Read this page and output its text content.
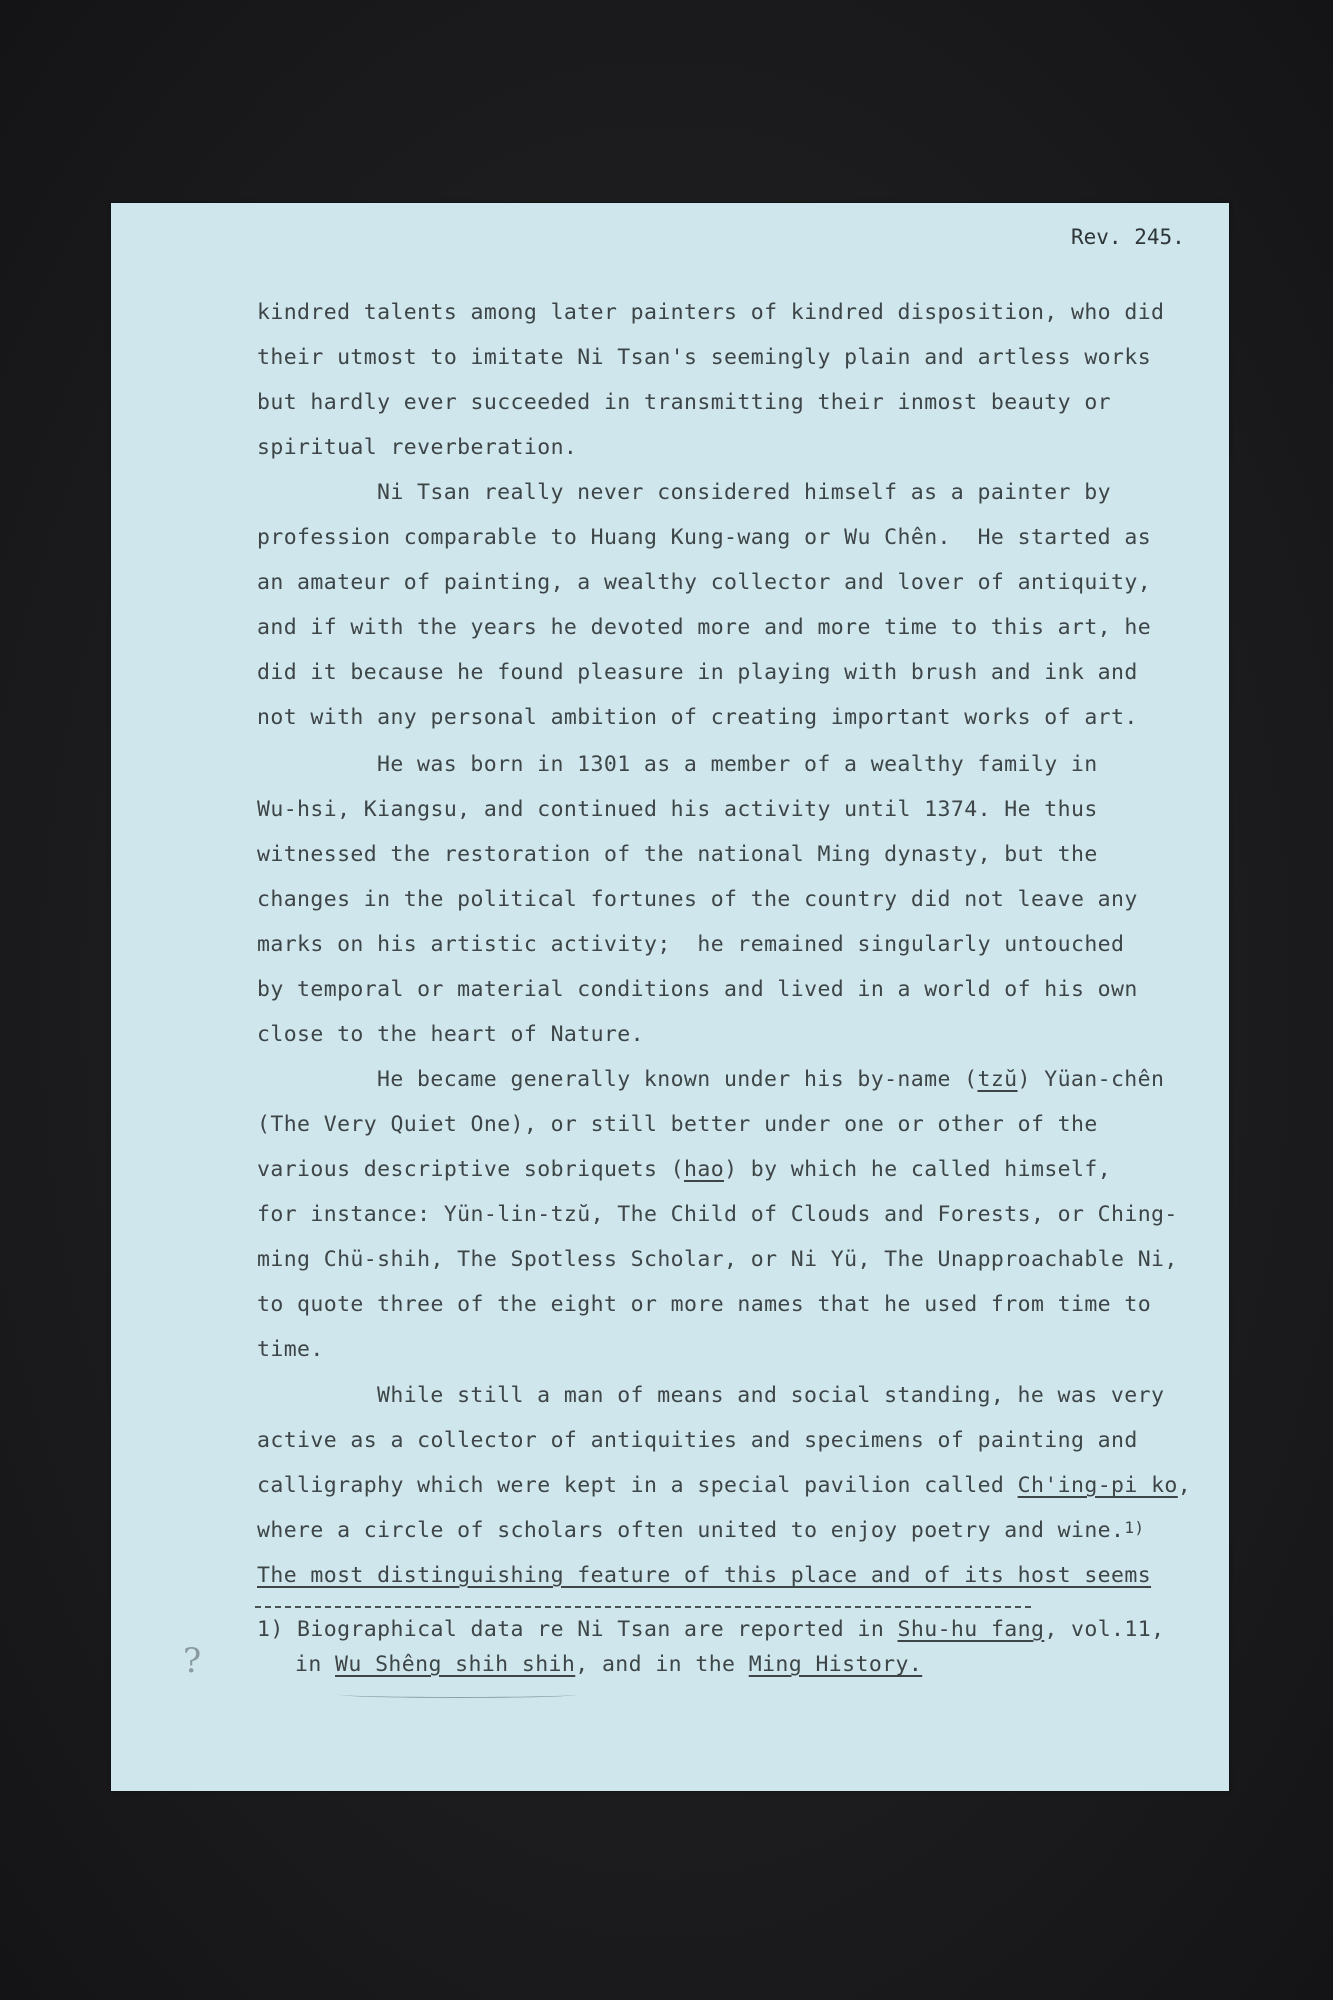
Rev. 245.
kindred talents among later painters of kindred disposition, who did
their utmost to imitate Ni Tsan's seemingly plain and artless works
but hardly ever succeeded in transmitting their inmost beauty or
spiritual reverberation.
Ni Tsan really never considered himself as a painter by
profession comparable to Huang Kung-wang or Wu Chên.  He started as
an amateur of painting, a wealthy collector and lover of antiquity,
and if with the years he devoted more and more time to this art, he
did it because he found pleasure in playing with brush and ink and
not with any personal ambition of creating important works of art.
He was born in 1301 as a member of a wealthy family in
Wu-hsi, Kiangsu, and continued his activity until 1374. He thus
witnessed the restoration of the national Ming dynasty, but the
changes in the political fortunes of the country did not leave any
marks on his artistic activity;  he remained singularly untouched
by temporal or material conditions and lived in a world of his own
close to the heart of Nature.
He became generally known under his by-name (tzŭ) Yüan-chên
(The Very Quiet One), or still better under one or other of the
various descriptive sobriquets (hao) by which he called himself,
for instance: Yün-lin-tzŭ, The Child of Clouds and Forests, or Ching-
ming Chü-shih, The Spotless Scholar, or Ni Yü, The Unapproachable Ni,
to quote three of the eight or more names that he used from time to
time.
While still a man of means and social standing, he was very
active as a collector of antiquities and specimens of painting and
calligraphy which were kept in a special pavilion called Ch'ing-pi ko,
where a circle of scholars often united to enjoy poetry and wine.$^{1)}$
The most distinguishing feature of this place and of its host seems
1) Biographical data re Ni Tsan are reported in Shu-hu fang, vol.11,
in Wu Shêng shih shih, and in the Ming History.
?
